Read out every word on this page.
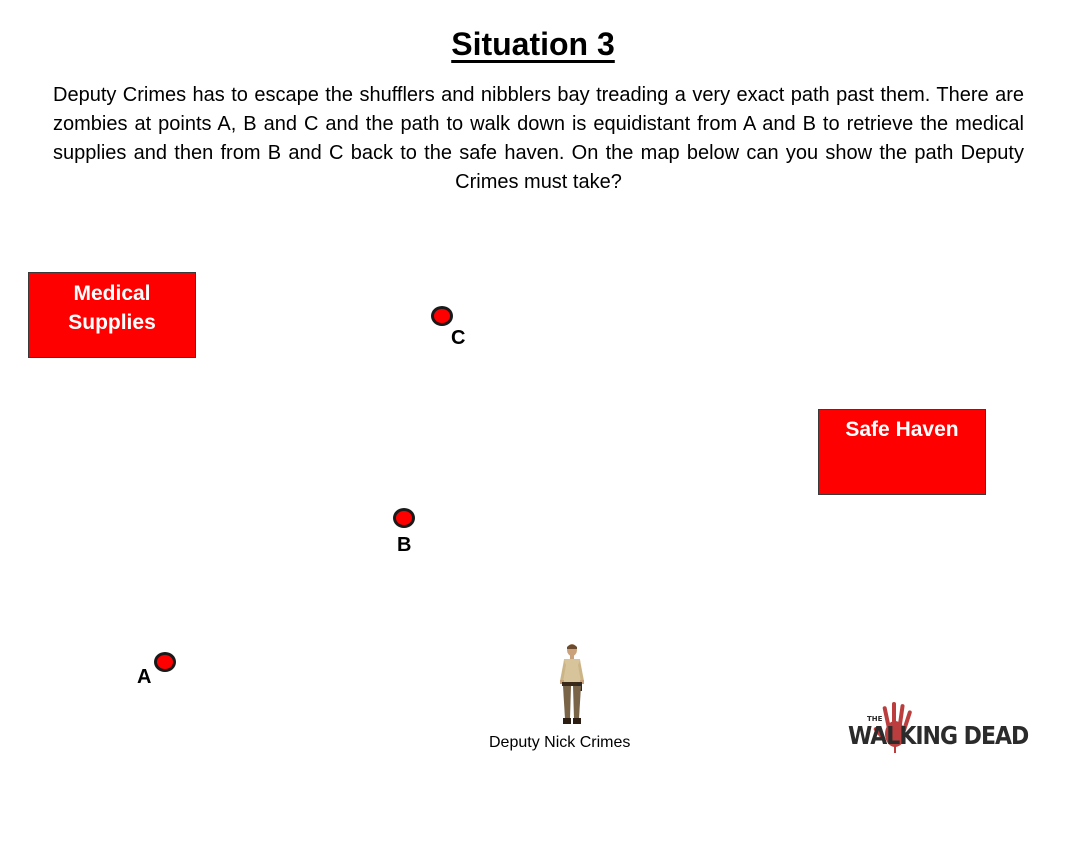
Situation 3
Deputy Crimes has to escape the shufflers and nibblers bay treading a very exact path past them. There are zombies at points A, B and C and the path to walk down is equidistant from A and B to retrieve the medical supplies and then from B and C back to the safe haven. On the map below can you show the path Deputy Crimes must take?
Medical
Supplies
Safe Haven
C
B
A
Deputy Nick Crimes	WALKING DEAD
THE
